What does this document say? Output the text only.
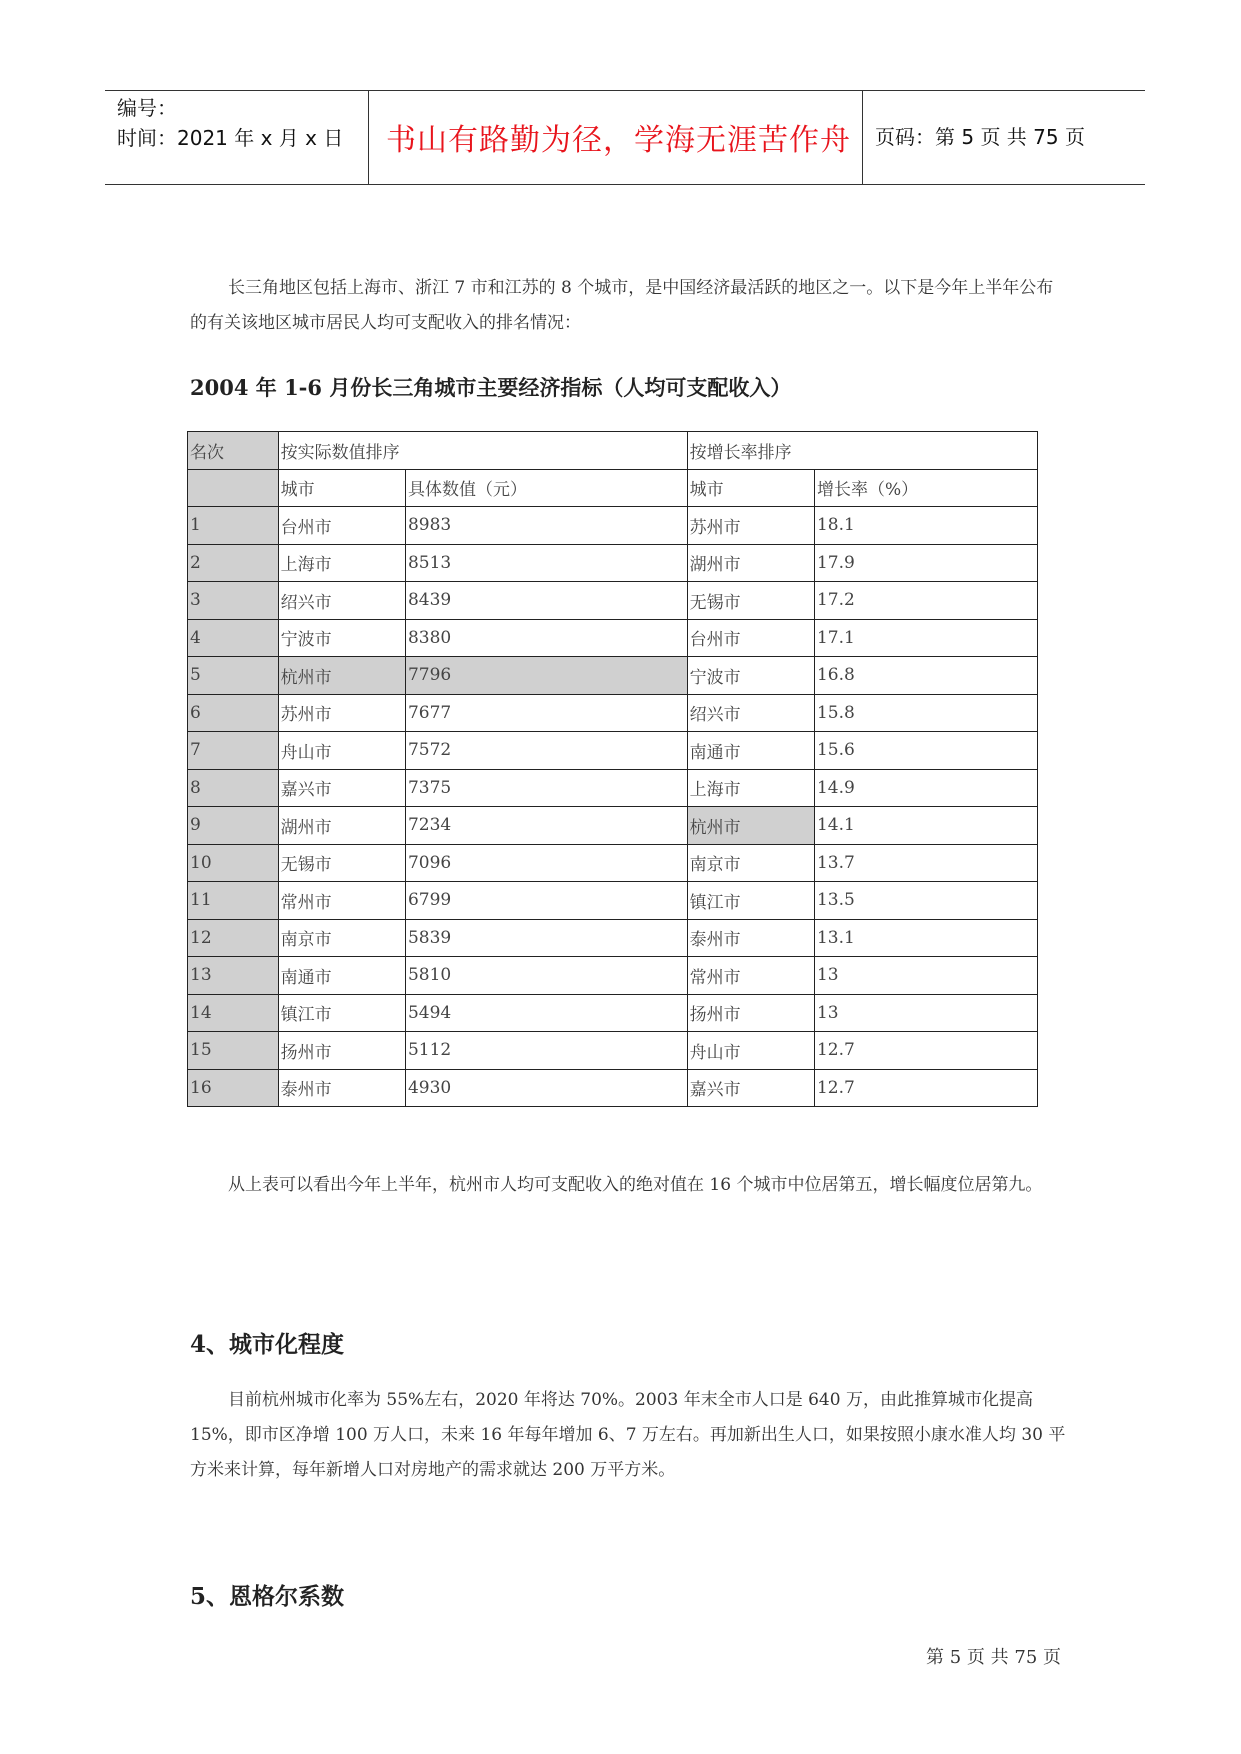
编号：
时间：2021 年 x 月 x 日	书山有路勤为径，学海无涯苦作舟	页码：第 5 页 共 75 页
长三角地区包括上海市、浙江 7 市和江苏的 8 个城市，是中国经济最活跃的地区之一。以下是今年上半年公布的有关该地区城市居民人均可支配收入的排名情况：
2004 年 1-6 月份长三角城市主要经济指标（人均可支配收入）
名次	按实际数值排序		按增长率排序	
	城市	具体数值（元）	城市	增长率（%）
1	台州市	8983	苏州市	18.1
2	上海市	8513	湖州市	17.9
3	绍兴市	8439	无锡市	17.2
4	宁波市	8380	台州市	17.1
5	杭州市	7796	宁波市	16.8
6	苏州市	7677	绍兴市	15.8
7	舟山市	7572	南通市	15.6
8	嘉兴市	7375	上海市	14.9
9	湖州市	7234	杭州市	14.1
10	无锡市	7096	南京市	13.7
11	常州市	6799	镇江市	13.5
12	南京市	5839	泰州市	13.1
13	南通市	5810	常州市	13
14	镇江市	5494	扬州市	13
15	扬州市	5112	舟山市	12.7
16	泰州市	4930	嘉兴市	12.7
从上表可以看出今年上半年，杭州市人均可支配收入的绝对值在 16 个城市中位居第五，增长幅度位居第九。
4、城市化程度
目前杭州城市化率为 55%左右，2020 年将达 70%。2003 年末全市人口是 640 万，由此推算城市化提高 15%，即市区净增 100 万人口，未来 16 年每年增加 6、7 万左右。再加新出生人口，如果按照小康水准人均 30 平方米来计算，每年新增人口对房地产的需求就达 200 万平方米。
5、恩格尔系数
第 5 页 共 75 页
